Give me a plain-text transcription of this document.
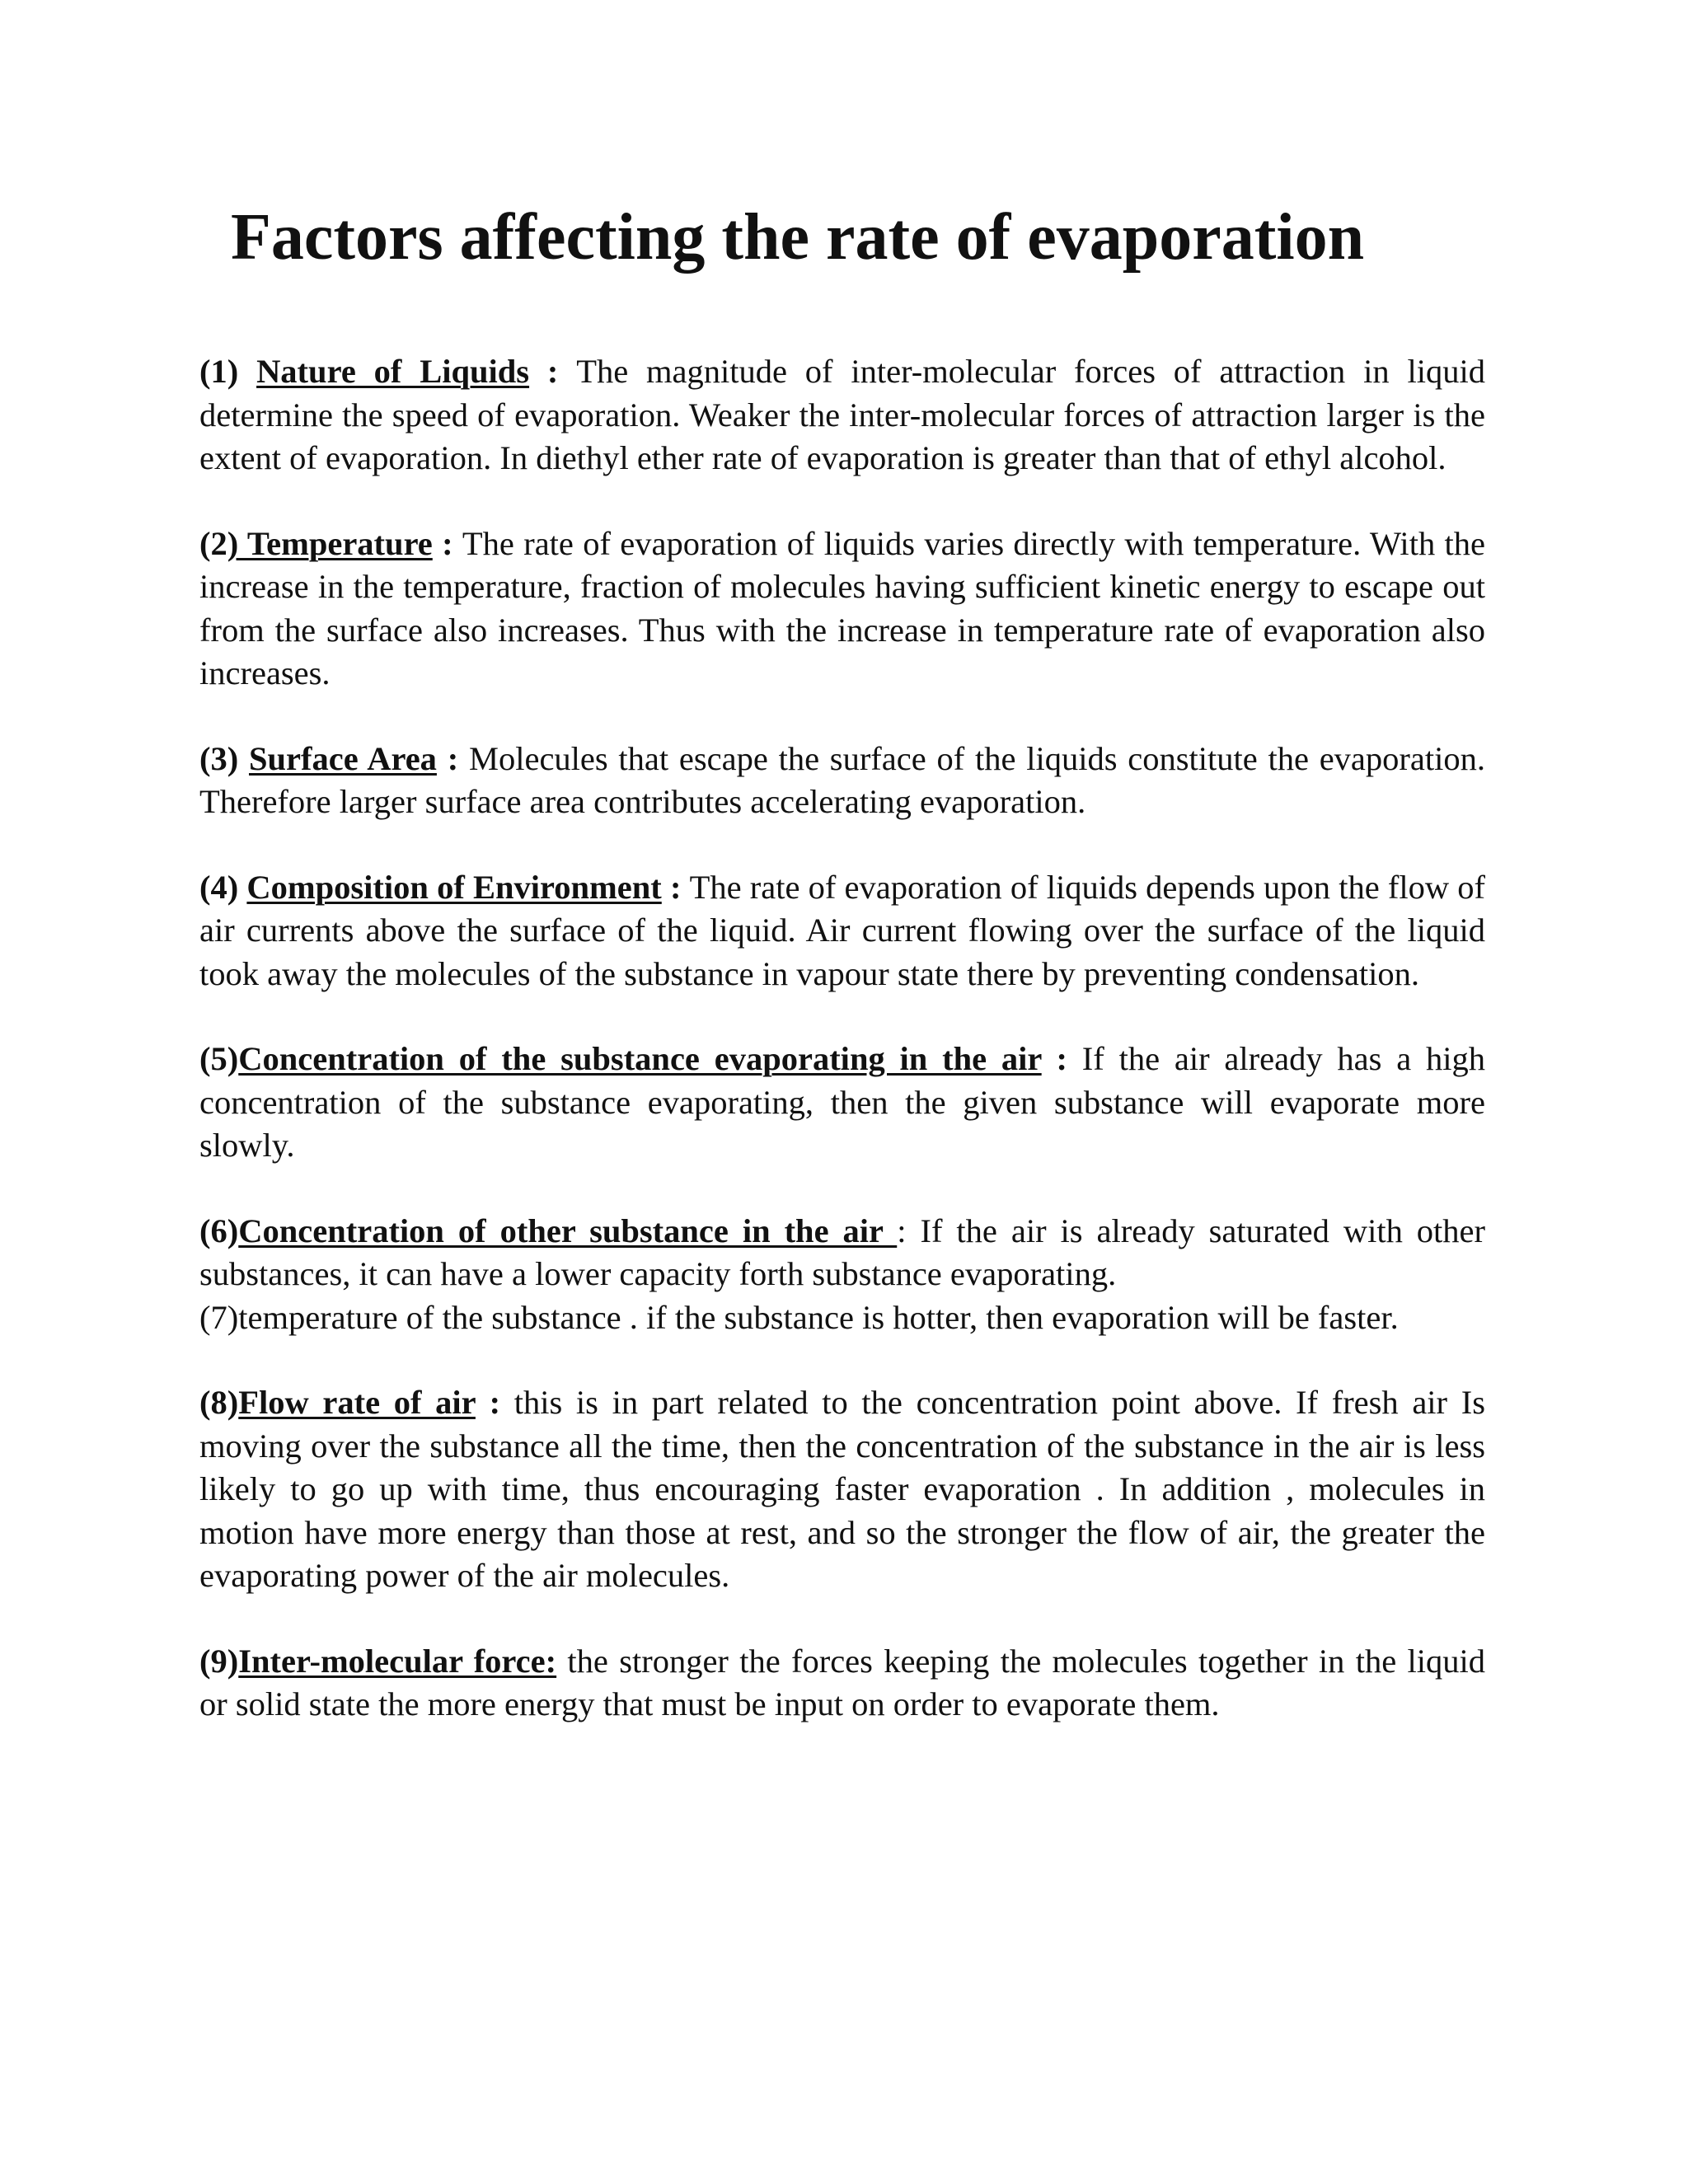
Factors affecting the rate of evaporation

(1) Nature of Liquids : The magnitude of inter-molecular forces of attraction in liquid determine the speed of evaporation. Weaker the inter-molecular forces of attraction larger is the extent of evaporation. In diethyl ether rate of evaporation is greater than that of ethyl alcohol.

(2) Temperature : The rate of evaporation of liquids varies directly with temperature. With the increase in the temperature, fraction of molecules having sufficient kinetic energy to escape out from the surface also increases. Thus with the increase in temperature rate of evaporation also increases.

(3) Surface Area : Molecules that escape the surface of the liquids constitute the evaporation. Therefore larger surface area contributes accelerating evaporation.

(4) Composition of Environment : The rate of evaporation of liquids depends upon the flow of air currents above the surface of the liquid. Air current flowing over the surface of the liquid took away the molecules of the substance in vapour state there by preventing condensation.

(5)Concentration of the substance evaporating in the air : If the air already has a high concentration of the substance evaporating, then the given substance will evaporate more slowly.

(6)Concentration of other substance in the air : If the air is already saturated with other substances, it can have a lower capacity forth substance evaporating.

(7)temperature of the substance . if the substance is hotter, then evaporation will be faster.

(8)Flow rate of air : this is in part related to the concentration point above. If fresh air Is moving over the substance all the time, then the concentration of the substance in the air is less likely to go up with time, thus encouraging faster evaporation . In addition , molecules in motion have more energy than those at rest, and so the stronger the flow of air, the greater the evaporating power of the air molecules.

(9)Inter-molecular force: the stronger the forces keeping the molecules together in the liquid or solid state the more energy that must be input on order to evaporate them.
